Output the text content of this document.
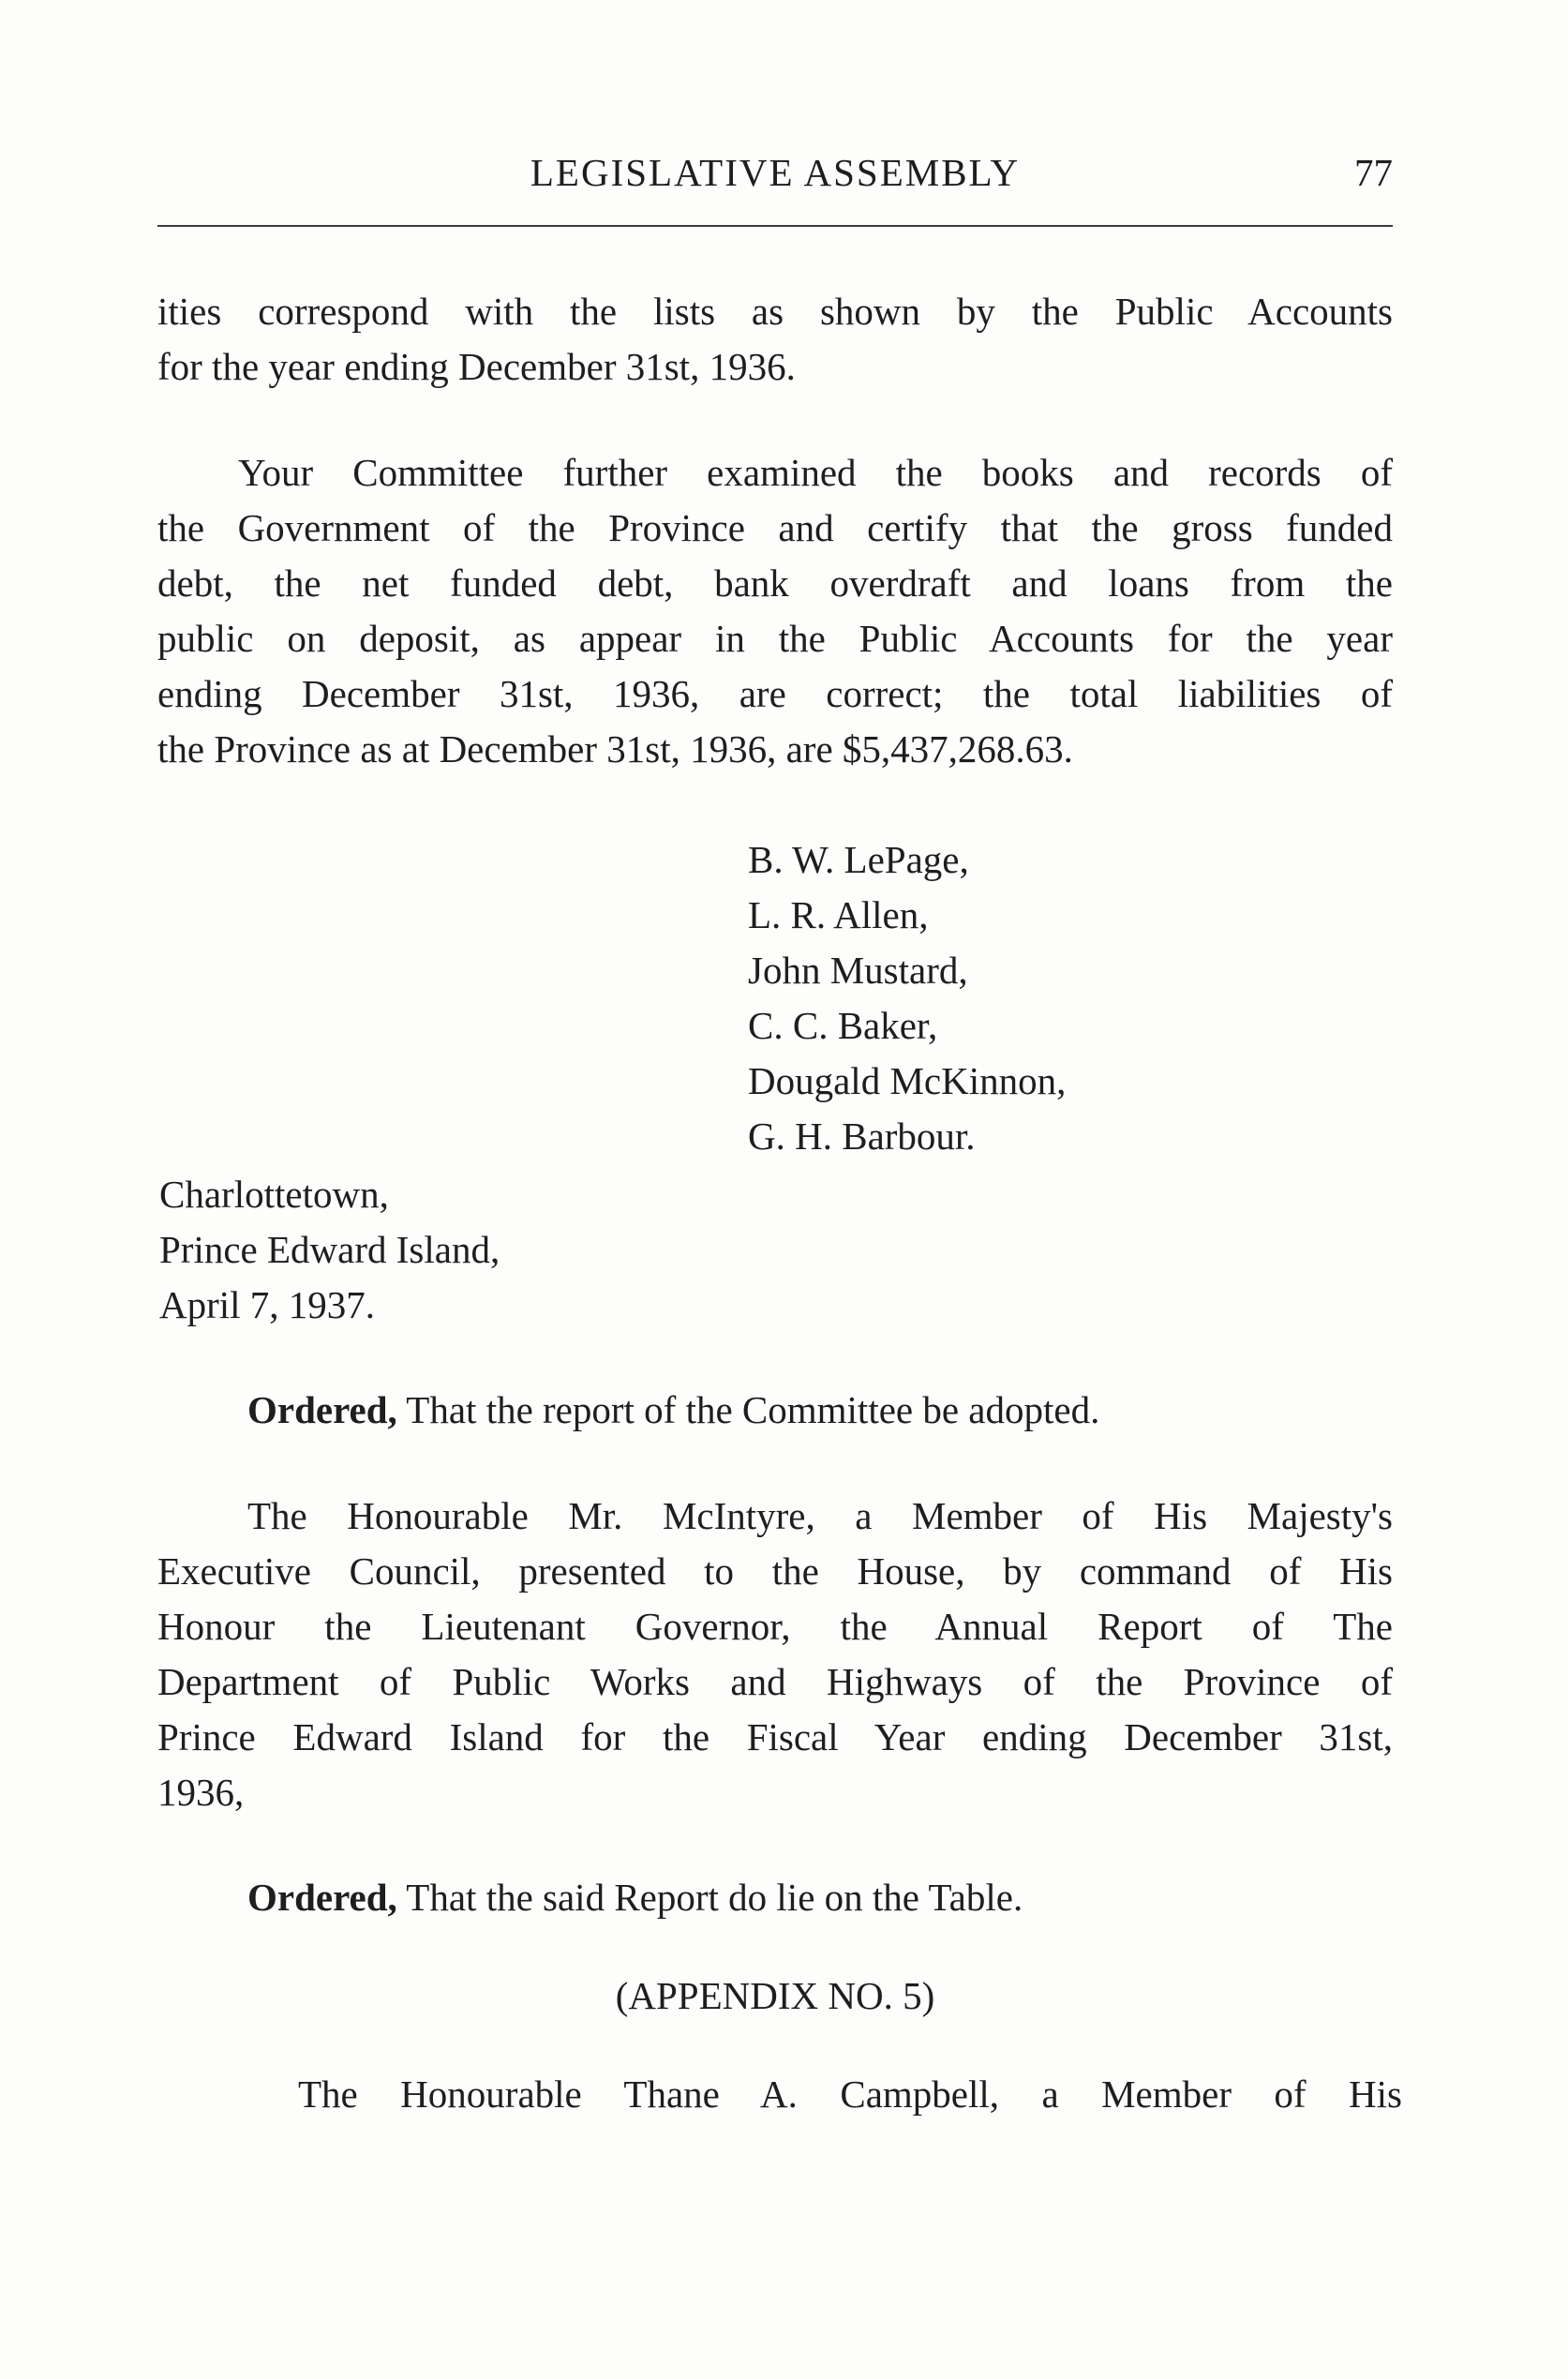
LEGISLATIVE ASSEMBLY	77
ities correspond with the lists as shown by the Public Accounts
for the year ending December 31st, 1936.
Your Committee further examined the books and records of
the Government of the Province and certify that the gross funded
debt, the net funded debt, bank overdraft and loans from the
public on deposit, as appear in the Public Accounts for the year
ending December 31st, 1936, are correct; the total liabilities of
the Province as at December 31st, 1936, are $5,437,268.63.
B. W. LePage,
L. R. Allen,
John Mustard,
C. C. Baker,
Dougald McKinnon,
G. H. Barbour.
Charlottetown,
Prince Edward Island,
April 7, 1937.
Ordered, That the report of the Committee be adopted.
The Honourable Mr. McIntyre, a Member of His Majesty's
Executive Council, presented to the House, by command of His
Honour the Lieutenant Governor, the Annual Report of The
Department of Public Works and Highways of the Province of
Prince Edward Island for the Fiscal Year ending December 31st,
1936,
Ordered, That the said Report do lie on the Table.
(APPENDIX NO. 5)
The Honourable Thane A. Campbell, a Member of His
